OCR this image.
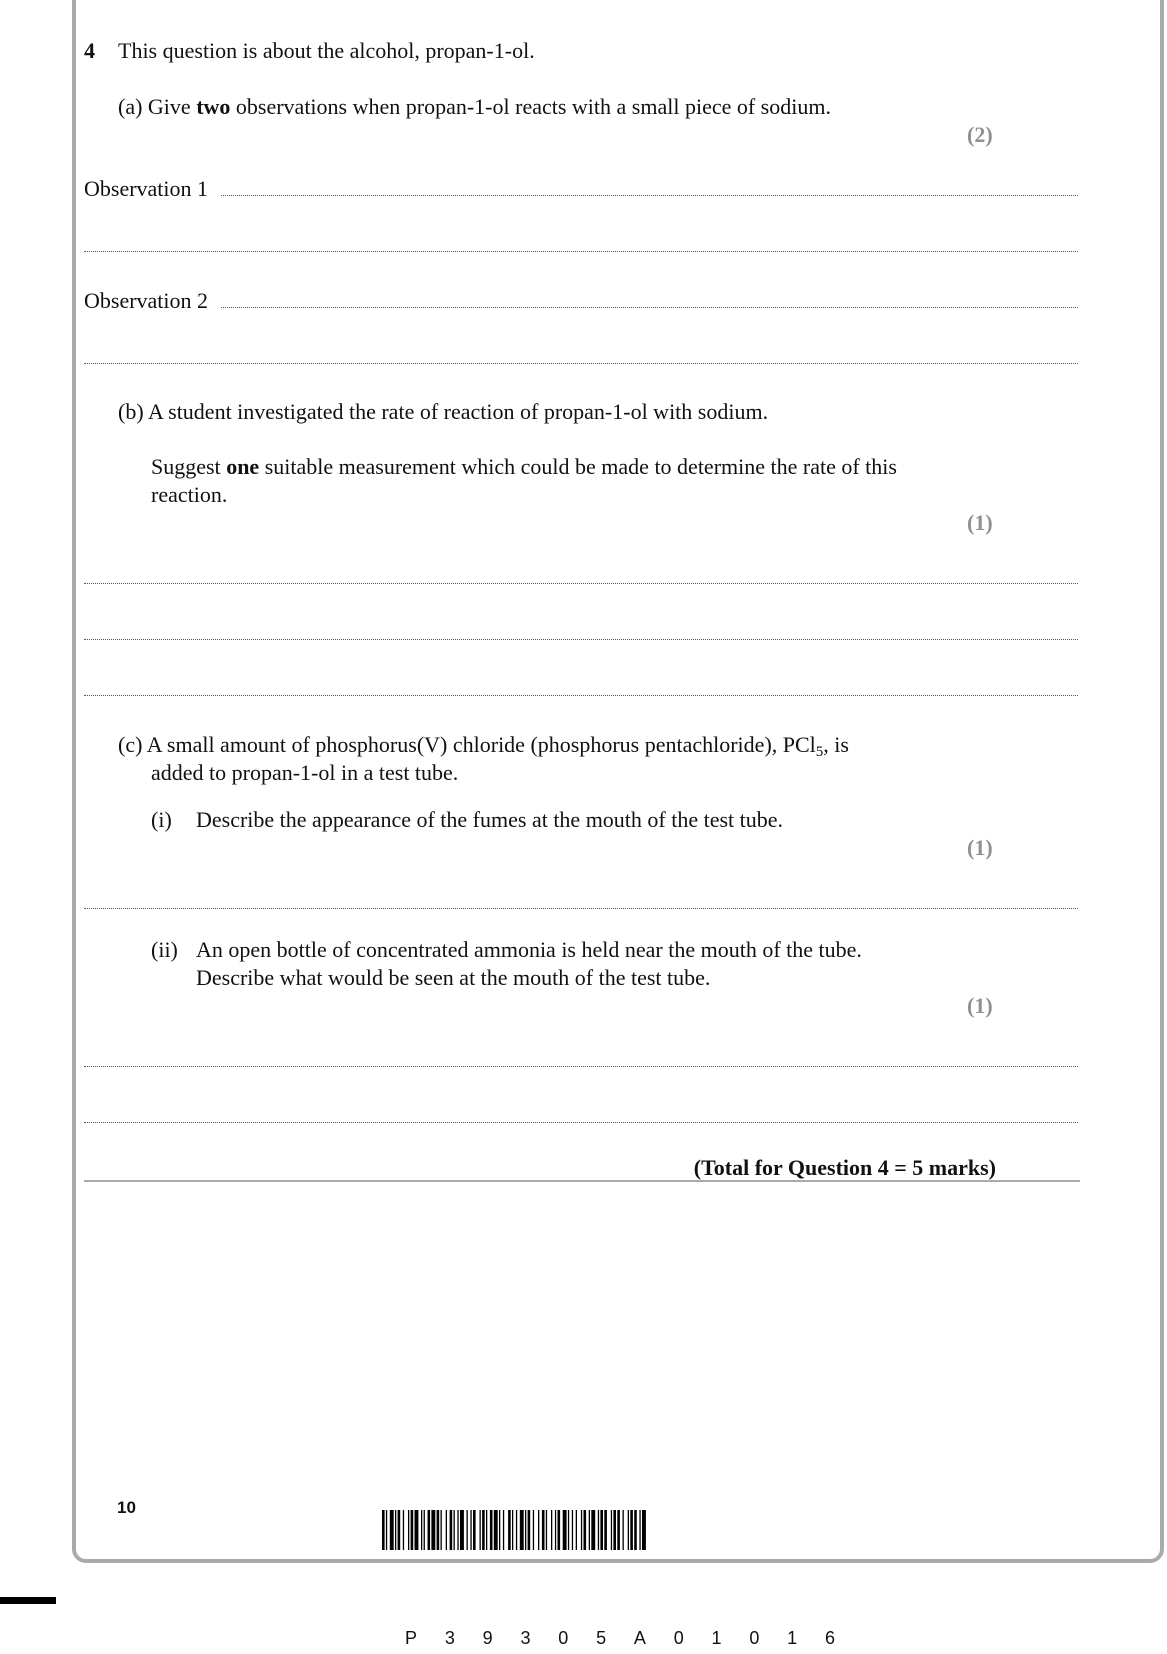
4 This question is about the alcohol, propan-1-ol.
(a) Give two observations when propan-1-ol reacts with a small piece of sodium.
(2)
Observation 1
Observation 2
(b) A student investigated the rate of reaction of propan-1-ol with sodium.
Suggest one suitable measurement which could be made to determine the rate of this
reaction.
(1)
(c) A small amount of phosphorus(V) chloride (phosphorus pentachloride), PCl$_5$, is
added to propan-1-ol in a test tube.
(i) Describe the appearance of the fumes at the mouth of the test tube.
(1)
(ii) An open bottle of concentrated ammonia is held near the mouth of the tube.
Describe what would be seen at the mouth of the test tube.
(1)
(Total for Question 4 = 5 marks)
10
P 3 9 3 0 5 A 0 1 0 1 6
